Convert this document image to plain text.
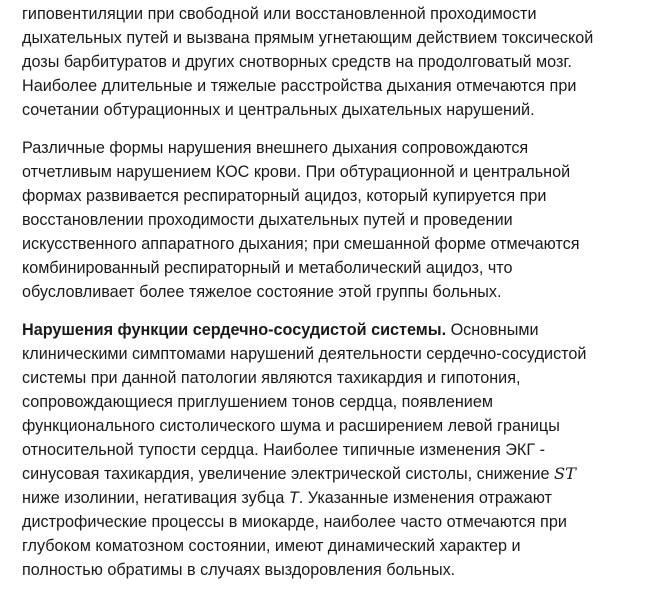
гиповентиляции при свободной или восстановленной проходимости
дыхательных путей и вызвана прямым угнетающим действием токсической
дозы барбитуратов и других снотворных средств на продолговатый мозг.
Наиболее длительные и тяжелые расстройства дыхания отмечаются при
сочетании обтурационных и центральных дыхательных нарушений.

Различные формы нарушения внешнего дыхания сопровождаются
отчетливым нарушением КОС крови. При обтурационной и центральной
формах развивается респираторный ацидоз, который купируется при
восстановлении проходимости дыхательных путей и проведении
искусственного аппаратного дыхания; при смешанной форме отмечаются
комбинированный респираторный и метаболический ацидоз, что
обусловливает более тяжелое состояние этой группы больных.

Нарушения функции сердечно-сосудистой системы. Основными
клиническими симптомами нарушений деятельности сердечно-сосудистой
системы при данной патологии являются тахикардия и гипотония,
сопровождающиеся приглушением тонов сердца, появлением
функционального систолического шума и расширением левой границы
относительной тупости сердца. Наиболее типичные изменения ЭКГ -
синусовая тахикардия, увеличение электрической систолы, снижение ST
ниже изолинии, негативация зубца T. Указанные изменения отражают
дистрофические процессы в миокарде, наиболее часто отмечаются при
глубоком коматозном состоянии, имеют динамический характер и
полностью обратимы в случаях выздоровления больных.
